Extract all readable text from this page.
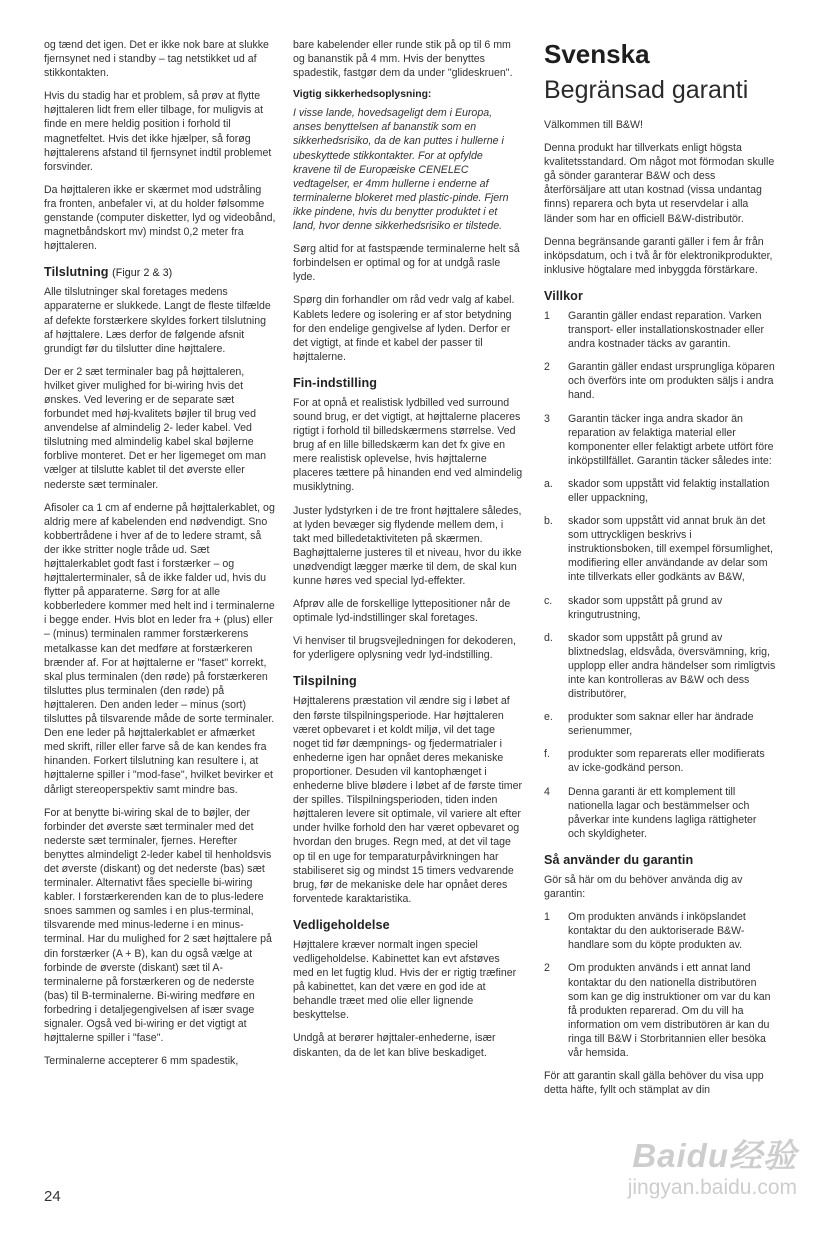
og tænd det igen. Det er ikke nok bare at slukke fjernsynet ned i standby – tag netstikket ud af stikkontakten.

Hvis du stadig har et problem, så prøv at flytte højttaleren lidt frem eller tilbage, for muligvis at finde en mere heldig position i forhold til magnetfeltet. Hvis det ikke hjælper, så forøg højttalerens afstand til fjernsynet indtil problemet forsvinder.

Da højttaleren ikke er skærmet mod udstråling fra fronten, anbefaler vi, at du holder følsomme genstande (computer disketter, lyd og videobånd, magnetbåndskort mv) mindst 0,2 meter fra højttaleren.

Tilslutning (Figur 2 & 3)

Alle tilslutninger skal foretages medens apparaterne er slukkede. Langt de fleste tilfælde af defekte forstærkere skyldes forkert tilslutning af højttalere. Læs derfor de følgende afsnit grundigt før du tilslutter dine højttalere.

Der er 2 sæt terminaler bag på højttaleren, hvilket giver mulighed for bi-wiring hvis det ønskes. Ved levering er de separate sæt forbundet med høj-kvalitets bøjler til brug ved anvendelse af almindelig 2- leder kabel. Ved tilslutning med almindelig kabel skal bøjlerne forblive monteret. Det er her ligemeget om man vælger at tilslutte kablet til det øverste eller nederste sæt terminaler.

Afisoler ca 1 cm af enderne på højttalerkablet, og aldrig mere af kabelenden end nødvendigt. Sno kobbertrådene i hver af de to ledere stramt, så der ikke stritter nogle tråde ud. Sæt højttalerkablet godt fast i forstærker – og højttalerterminaler, så de ikke falder ud, hvis du flytter på apparaterne. Sørg for at alle kobberledere kommer med helt ind i terminalerne i begge ender. Hvis blot en leder fra + (plus) eller – (minus) terminalen rammer forstærkerens metalkasse kan det medføre at forstærkeren brænder af. For at højttalerne er "faset" korrekt, skal plus terminalen (den røde) på forstærkeren tilsluttes plus terminalen (den røde) på højttaleren. Den anden leder – minus (sort) tilsluttes på tilsvarende måde de sorte terminaler. Den ene leder på højttalerkablet er afmærket med skrift, riller eller farve så de kan kendes fra hinanden. Forkert tilslutning kan resultere i, at højttalerne spiller i "mod-fase", hvilket bevirker et dårligt stereoperspektiv samt mindre bas.

For at benytte bi-wiring skal de to bøjler, der forbinder det øverste sæt terminaler med det nederste sæt terminaler, fjernes. Herefter benyttes almindeligt 2-leder kabel til henholdsvis det øverste (diskant) og det nederste (bas) sæt terminaler. Alternativt fåes specielle bi-wiring kabler. I forstærkerenden kan de to plus-ledere snoes sammen og samles i en plus-terminal, tilsvarende med minus-lederne i en minus-terminal. Har du mulighed for 2 sæt højttalere på din forstærker (A + B), kan du også vælge at forbinde de øverste (diskant) sæt til A-terminalerne på forstærkeren og de nederste (bas) til B-terminalerne. Bi-wiring medføre en forbedring i detaljegengivelsen af især svage signaler. Også ved bi-wiring er det vigtigt at højttalerne spiller i "fase".

Terminalerne accepterer 6 mm spadestik,

bare kabelender eller runde stik på op til 6 mm og bananstik på 4 mm. Hvis der benyttes spadestik, fastgør dem da under "glideskruen".

Vigtig sikkerhedsoplysning:

I visse lande, hovedsageligt dem i Europa, anses benyttelsen af bananstik som en sikkerhedsrisiko, da de kan puttes i hullerne i ubeskyttede stikkontakter. For at opfylde kravene til de Europæiske CENELEC vedtagelser, er 4mm hullerne i enderne af terminalerne blokeret med plastic-pinde. Fjern ikke pindene, hvis du benytter produktet i et land, hvor denne sikkerhedsrisiko er tilstede.

Sørg altid for at fastspænde terminalerne helt så forbindelsen er optimal og for at undgå rasle lyde.

Spørg din forhandler om råd vedr valg af kabel. Kablets ledere og isolering er af stor betydning for den endelige gengivelse af lyden. Derfor er det vigtigt, at finde et kabel der passer til højttalerne.

Fin-indstilling

For at opnå et realistisk lydbilled ved surround sound brug, er det vigtigt, at højttalerne placeres rigtigt i forhold til billedskærmens størrelse. Ved brug af en lille billedskærm kan det fx give en mere realistisk oplevelse, hvis højttalerne placeres tættere på hinanden end ved almindelig musiklytning.

Juster lydstyrken i de tre front højttalere således, at lyden bevæger sig flydende mellem dem, i takt med billedetaktiviteten på skærmen. Baghøjttalerne justeres til et niveau, hvor du ikke unødvendigt lægger mærke til dem, de skal kun kunne høres ved special lyd-effekter.

Afprøv alle de forskellige lyttepositioner når de optimale lyd-indstillinger skal foretages.

Vi henviser til brugsvejledningen for dekoderen, for yderligere oplysning vedr lyd-indstilling.

Tilspilning

Højttalerens præstation vil ændre sig i løbet af den første tilspilningsperiode. Har højttaleren været opbevaret i et koldt miljø, vil det tage noget tid før dæmpnings- og fjedermatrialer i enhederne igen har opnået deres mekaniske proportioner. Desuden vil kantophænget i enhederne blive blødere i løbet af de første timer der spilles. Tilspilningsperioden, tiden inden højttaleren levere sit optimale, vil variere alt efter under hvilke forhold den har været opbevaret og hvordan den bruges. Regn med, at det vil tage op til en uge for temparaturpåvirkningen har stabiliseret sig og mindst 15 timers vedvarende brug, før de mekaniske dele har opnået deres forventede karaktaristika.

Vedligeholdelse

Højttalere kræver normalt ingen speciel vedligeholdelse. Kabinettet kan evt afstøves med en let fugtig klud. Hvis der er rigtig træfiner på kabinettet, kan det være en god ide at behandle træet med olie eller lignende beskyttelse.

Undgå at berører højttaler-enhederne, især diskanten, da de let kan blive beskadiget.

Svenska
Begränsad garanti

Välkommen till B&W!

Denna produkt har tillverkats enligt högsta kvalitetsstandard. Om något mot förmodan skulle gå sönder garanterar B&W och dess återförsäljare att utan kostnad (vissa undantag finns) reparera och byta ut reservdelar i alla länder som har en officiell B&W-distributör.

Denna begränsande garanti gäller i fem år från inköpsdatum, och i två år för elektronikprodukter, inklusive högtalare med inbyggda förstärkare.

Villkor
1	Garantin gäller endast reparation. Varken transport- eller installationskostnader eller andra kostnader täcks av garantin.
2	Garantin gäller endast ursprungliga köparen och överförs inte om produkten säljs i andra hand.
3	Garantin täcker inga andra skador än reparation av felaktiga material eller komponenter eller felaktigt arbete utfört före inköpstillfället. Garantin täcker således inte:
a.	skador som uppstått vid felaktig installation eller uppackning,
b.	skador som uppstått vid annat bruk än det som uttryckligen beskrivs i instruktionsboken, till exempel försumlighet, modifiering eller användande av delar som inte tillverkats eller godkänts av B&W,
c.	skador som uppstått på grund av kringutrustning,
d.	skador som uppstått på grund av blixtnedslag, eldsvåda, översvämning, krig, upplopp eller andra händelser som rimligtvis inte kan kontrolleras av B&W och dess distributörer,
e.	produkter som saknar eller har ändrade serienummer,
f.	produkter som reparerats eller modifierats av icke-godkänd person.
4	Denna garanti är ett komplement till nationella lagar och bestämmelser och påverkar inte kundens lagliga rättigheter och skyldigheter.
Så använder du garantin

Gör så här om du behöver använda dig av garantin:

1	Om produkten används i inköpslandet kontaktar du den auktoriserade B&W-handlare som du köpte produkten av.
2	Om produkten används i ett annat land kontaktar du den nationella distributören som kan ge dig instruktioner om var du kan få produkten reparerad. Om du vill ha information om vem distributören är kan du ringa till B&W i Storbritannien eller besöka vår hemsida.

För att garantin skall gälla behöver du visa upp detta häfte, fyllt och stämplat av din

24
Baidu经验
jingyan.baidu.com
